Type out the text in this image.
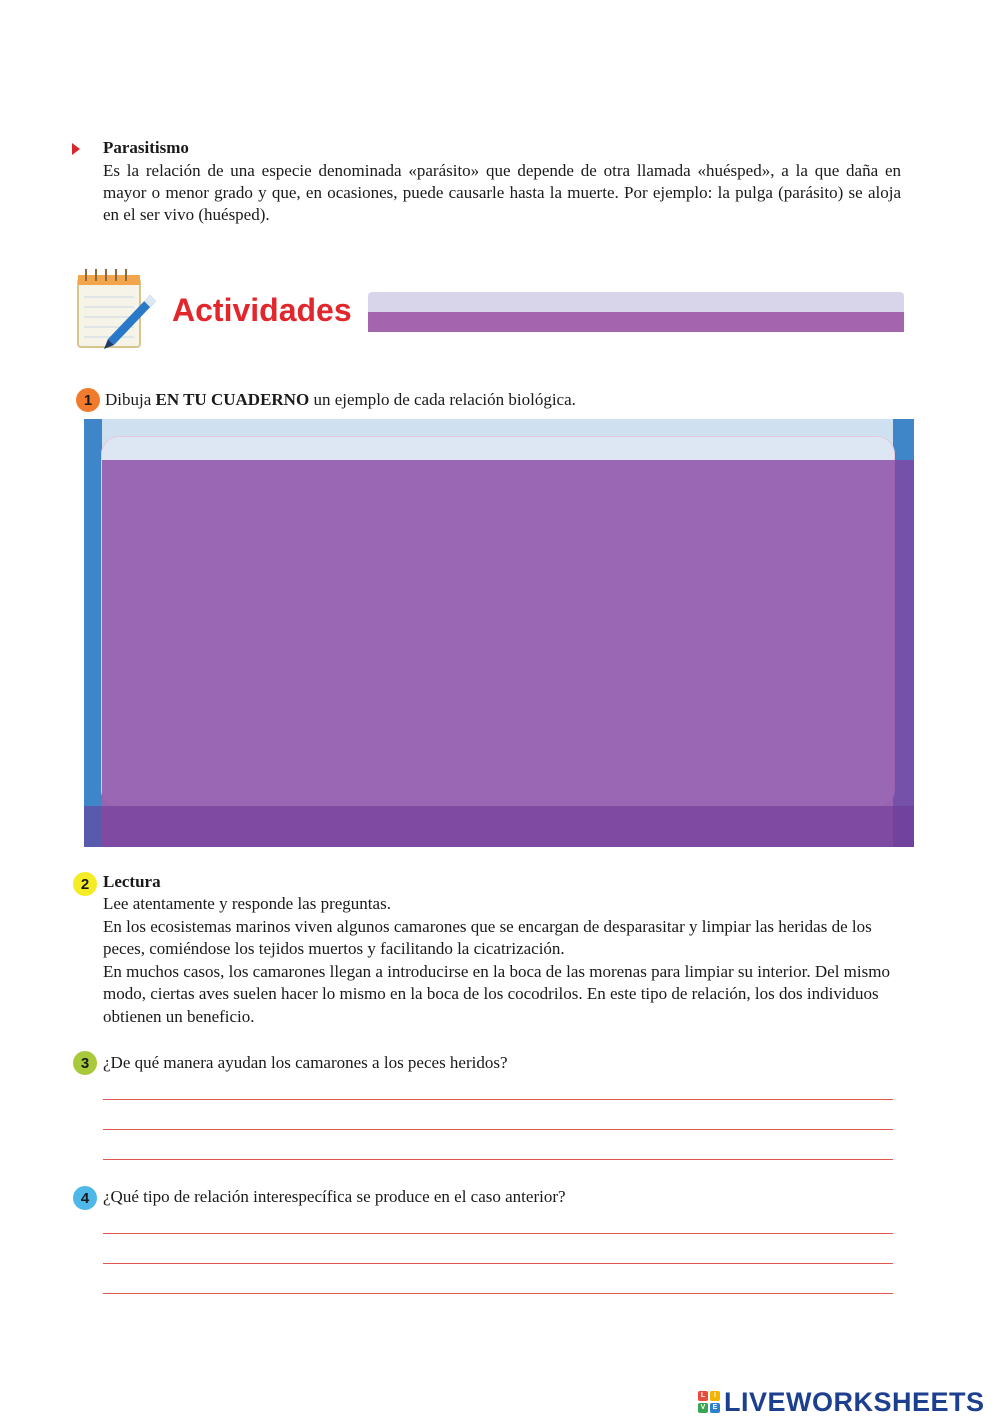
Parasitismo
Es la relación de una especie denominada «parásito» que depende de otra llamada «huésped», a la que daña en mayor o menor grado y que, en ocasiones, puede causarle hasta la muerte. Por ejemplo: la pulga (parásito) se aloja en el ser vivo (huésped).
Actividades
1 Dibuja EN TU CUADERNO un ejemplo de cada relación biológica.
2 Lectura

Lee atentamente y responde las preguntas.

En los ecosistemas marinos viven algunos camarones que se encargan de desparasitar y limpiar las heridas de los peces, comiéndose los tejidos muertos y facilitando la cicatrización.

En muchos casos, los camarones llegan a introducirse en la boca de las morenas para limpiar su interior. Del mismo modo, ciertas aves suelen hacer lo mismo en la boca de los cocodrilos. En este tipo de relación, los dos individuos obtienen un beneficio.

3 ¿De qué manera ayudan los camarones a los peces heridos?
4 ¿Qué tipo de relación interespecífica se produce en el caso anterior?
L	I
V	E LIVEWORKSHEETS
